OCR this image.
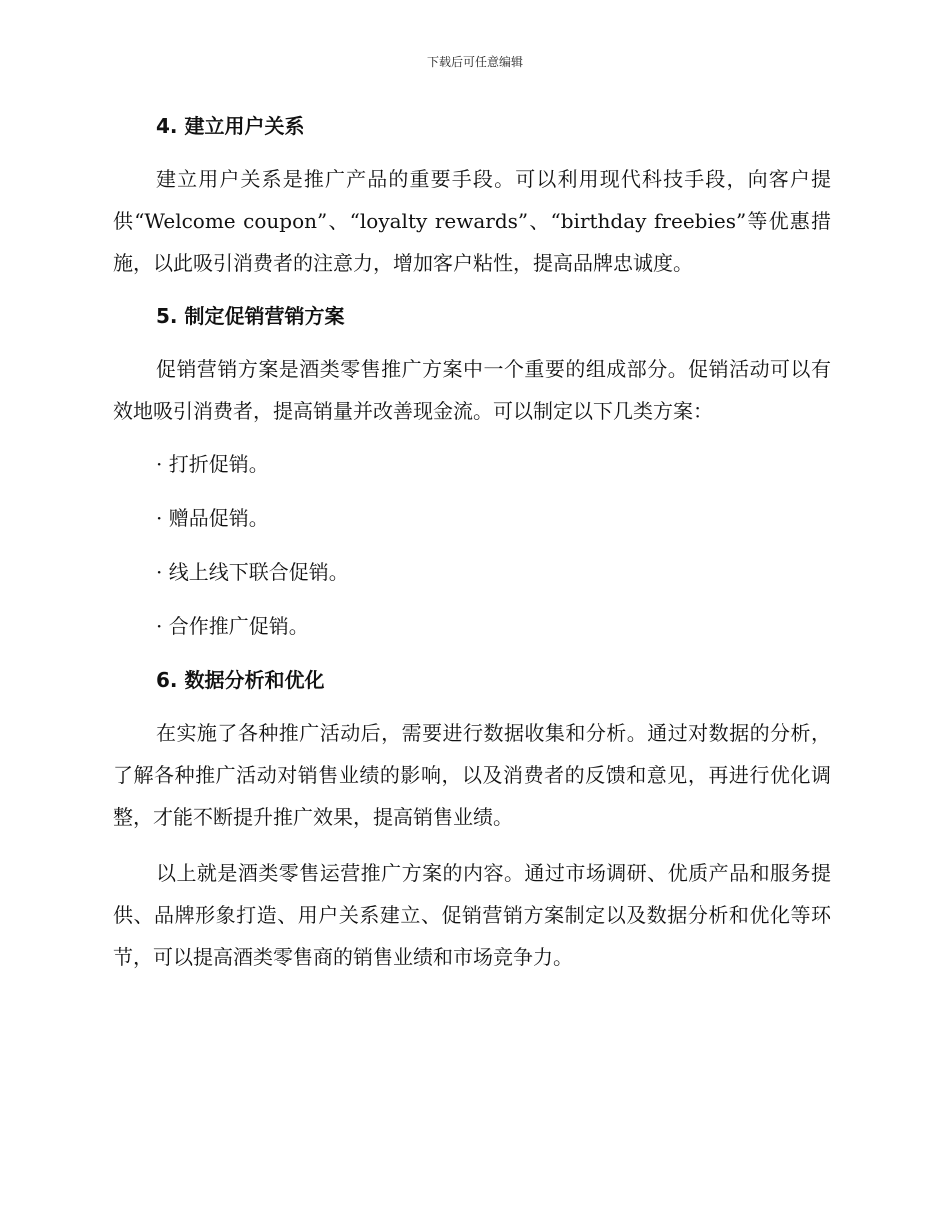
下载后可任意编辑
4. 建立用户关系

建立用户关系是推广产品的重要手段。可以利用现代科技手段，向客户提供“Welcome coupon”、“loyalty rewards”、“birthday freebies”等优惠措施，以此吸引消费者的注意力，增加客户粘性，提高品牌忠诚度。

5. 制定促销营销方案

促销营销方案是酒类零售推广方案中一个重要的组成部分。促销活动可以有效地吸引消费者，提高销量并改善现金流。可以制定以下几类方案：

· 打折促销。

· 赠品促销。

· 线上线下联合促销。

· 合作推广促销。

6. 数据分析和优化

在实施了各种推广活动后，需要进行数据收集和分析。通过对数据的分析，了解各种推广活动对销售业绩的影响，以及消费者的反馈和意见，再进行优化调整，才能不断提升推广效果，提高销售业绩。

以上就是酒类零售运营推广方案的内容。通过市场调研、优质产品和服务提供、品牌形象打造、用户关系建立、促销营销方案制定以及数据分析和优化等环节，可以提高酒类零售商的销售业绩和市场竞争力。
